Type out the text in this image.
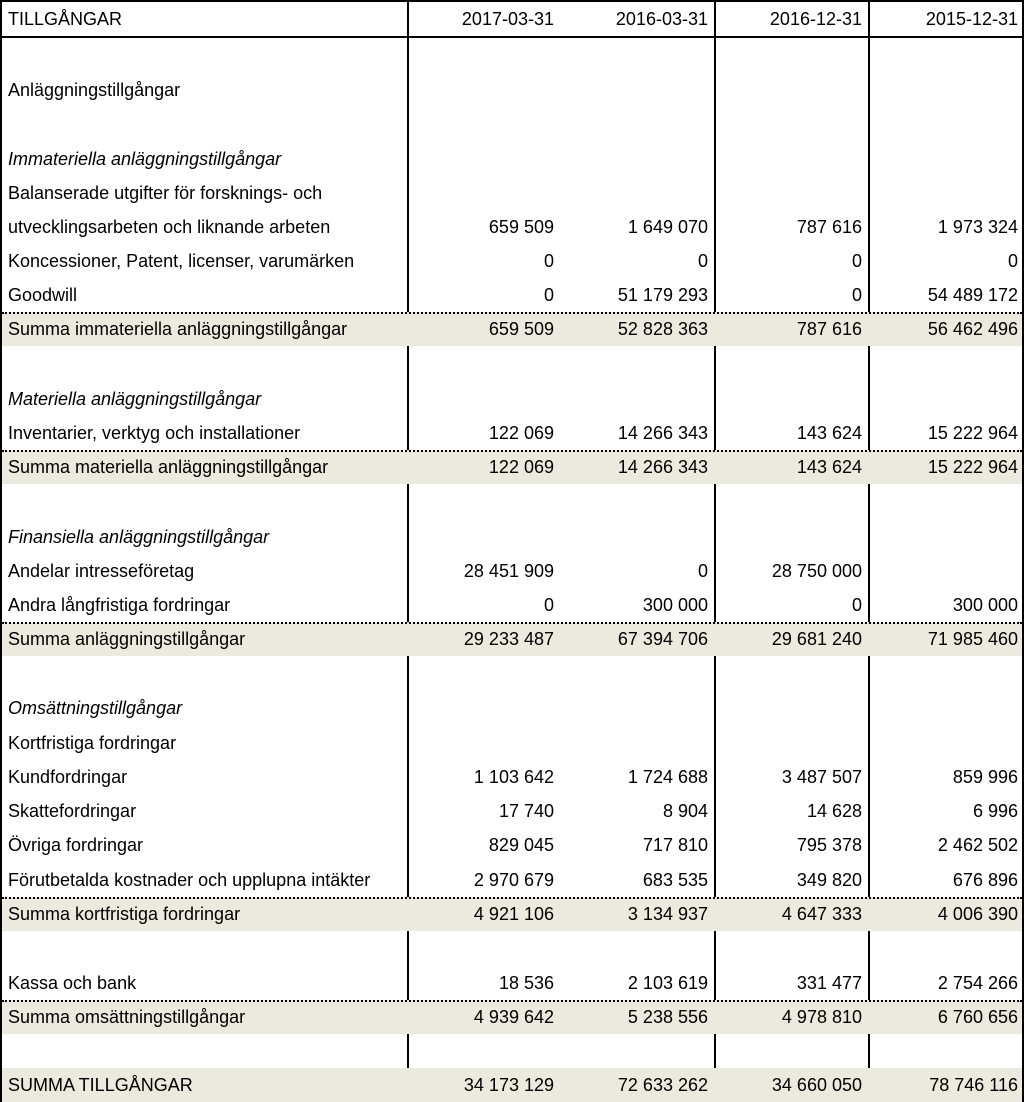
TILLGÅNGAR	2017-03-31	2016-03-31	2016-12-31	2015-12-31
Anläggningstillgångar
Immateriella anläggningstillgångar
Balanserade utgifter för forsknings- och
utvecklingsarbeten och liknande arbeten	659 509	1 649 070	787 616	1 973 324
Koncessioner, Patent, licenser, varumärken	0	0	0	0
Goodwill	0	51 179 293	0	54 489 172
Summa immateriella anläggningstillgångar	659 509	52 828 363	787 616	56 462 496
Materiella anläggningstillgångar
Inventarier, verktyg och installationer	122 069	14 266 343	143 624	15 222 964
Summa materiella anläggningstillgångar	122 069	14 266 343	143 624	15 222 964
Finansiella anläggningstillgångar
Andelar intresseföretag	28 451 909	0	28 750 000
Andra långfristiga fordringar	0	300 000	0	300 000
Summa anläggningstillgångar	29 233 487	67 394 706	29 681 240	71 985 460
Omsättningstillgångar
Kortfristiga fordringar
Kundfordringar	1 103 642	1 724 688	3 487 507	859 996
Skattefordringar	17 740	8 904	14 628	6 996
Övriga fordringar	829 045	717 810	795 378	2 462 502
Förutbetalda kostnader och upplupna intäkter	2 970 679	683 535	349 820	676 896
Summa kortfristiga fordringar	4 921 106	3 134 937	4 647 333	4 006 390
Kassa och bank	18 536	2 103 619	331 477	2 754 266
Summa omsättningstillgångar	4 939 642	5 238 556	4 978 810	6 760 656
SUMMA TILLGÅNGAR	34 173 129	72 633 262	34 660 050	78 746 116
